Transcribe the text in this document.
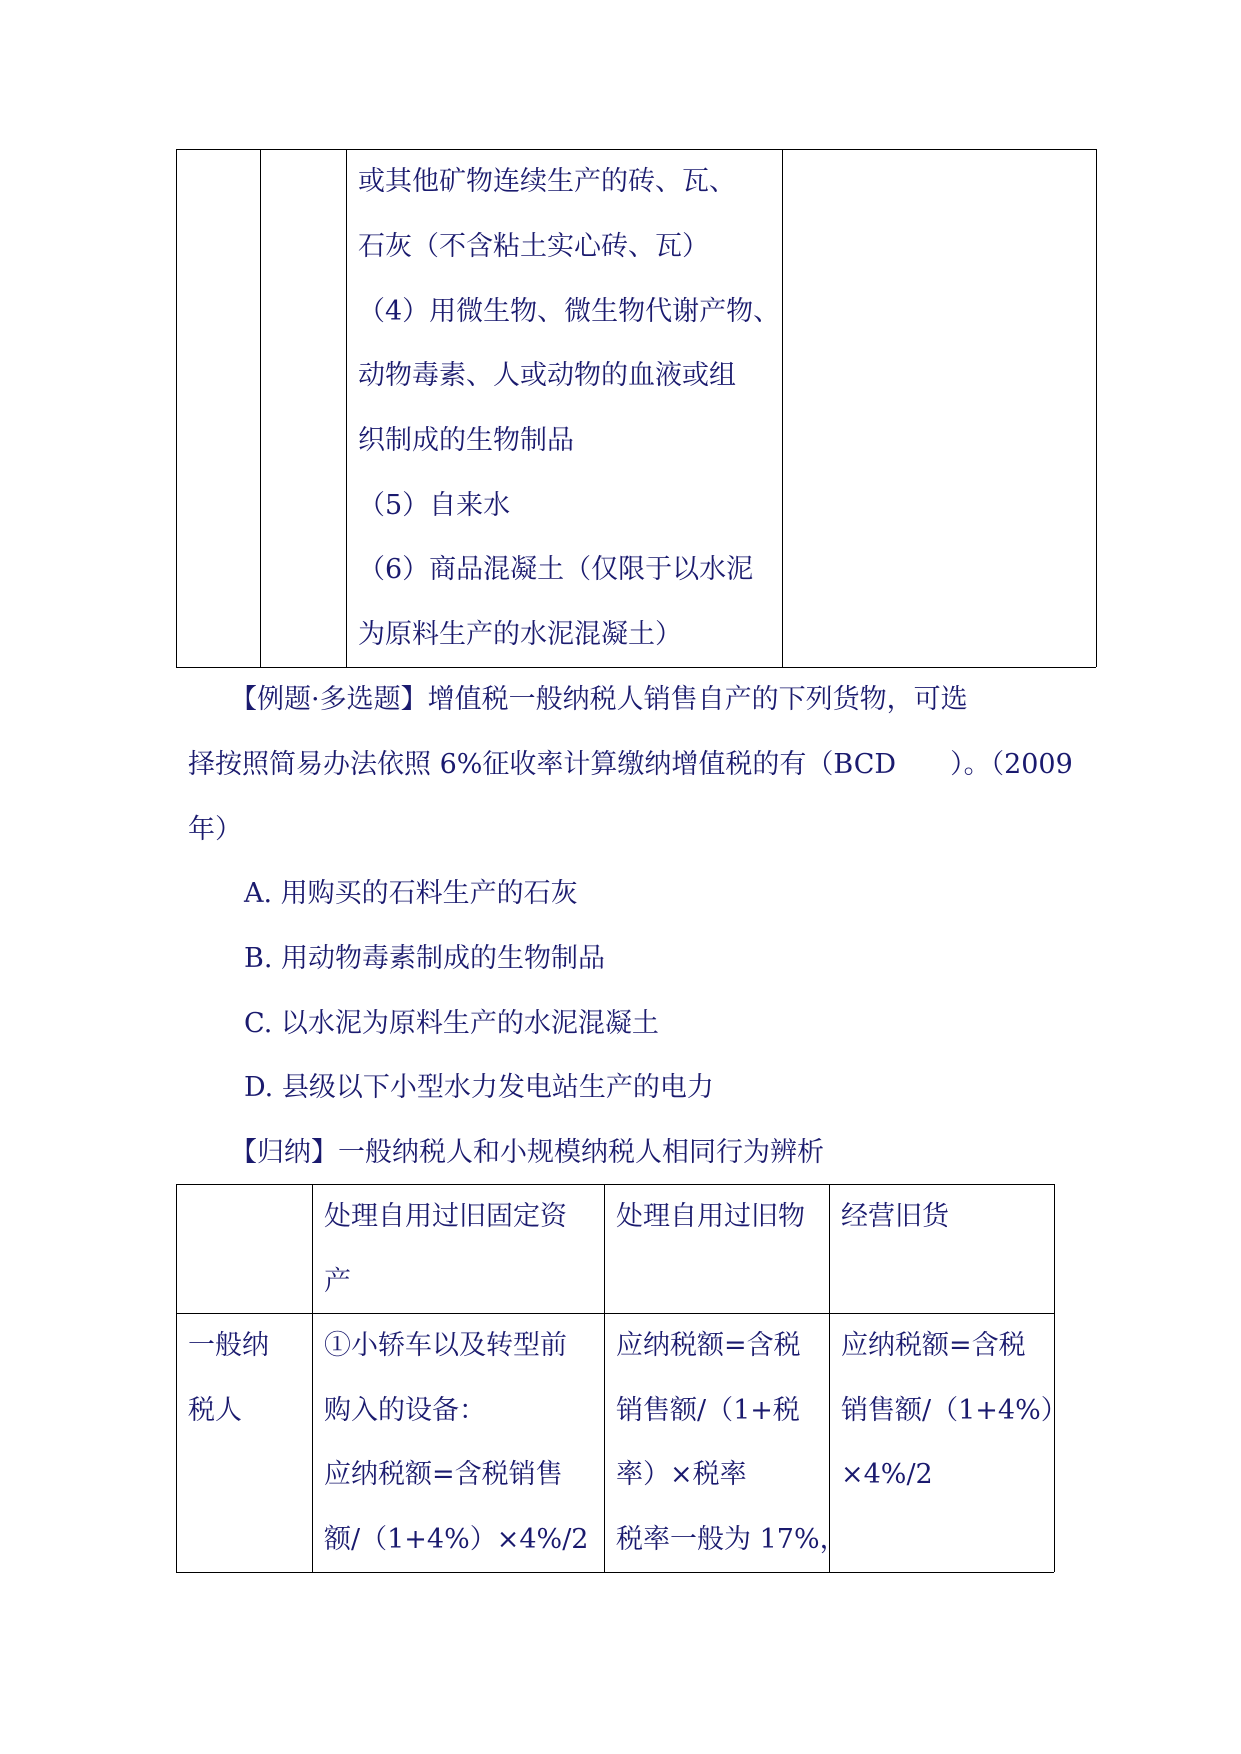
或其他矿物连续生产的砖、瓦、
石灰（不含粘土实心砖、瓦）
（4）用微生物、微生物代谢产物、
动物毒素、人或动物的血液或组
织制成的生物制品
（5）自来水
（6）商品混凝土（仅限于以水泥
为原料生产的水泥混凝土）
【例题·多选题】增值税一般纳税人销售自产的下列货物，可选
择按照简易办法依照 6%征收率计算缴纳增值税的有（BCD　　）。（2009
年）
A. 用购买的石料生产的石灰
B. 用动物毒素制成的生物制品
C. 以水泥为原料生产的水泥混凝土
D. 县级以下小型水力发电站生产的电力
【归纳】一般纳税人和小规模纳税人相同行为辨析
处理自用过旧固定资
产
处理自用过旧物 经营旧货
一般纳
税人
①小轿车以及转型前
购入的设备：
应纳税额=含税销售
额/（1+4%）×4%/2
应纳税额=含税
销售额/（1+税
率）×税率
税率一般为 17%，
应纳税额=含税
销售额/（1+4%）
×4%/2
